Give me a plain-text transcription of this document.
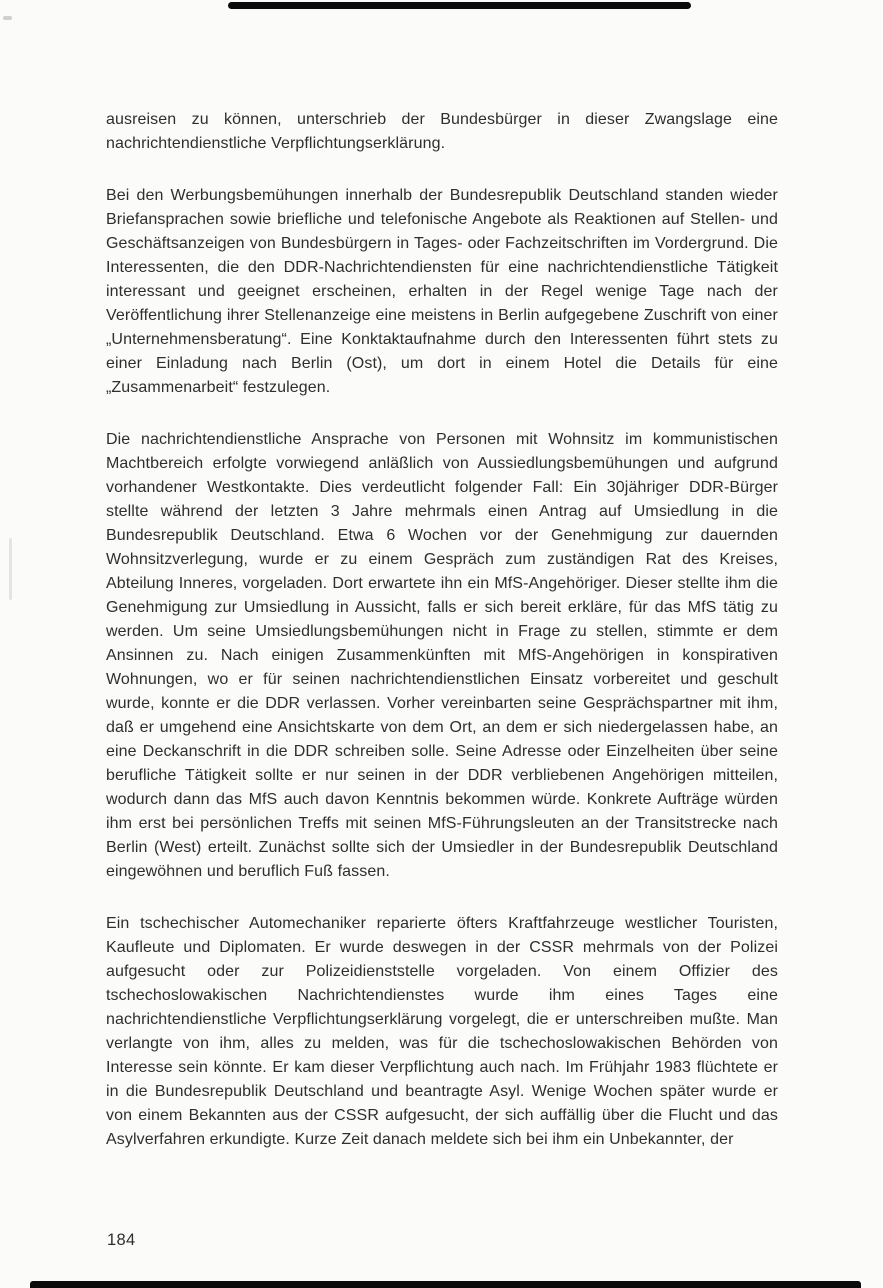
ausreisen zu können, unterschrieb der Bundesbürger in dieser Zwangslage eine nachrichtendienstliche Verpflichtungserklärung.

Bei den Werbungsbemühungen innerhalb der Bundesrepublik Deutschland standen wieder Briefansprachen sowie briefliche und telefonische Angebote als Reaktionen auf Stellen- und Geschäftsanzeigen von Bundesbürgern in Tages- oder Fachzeitschriften im Vordergrund. Die Interessenten, die den DDR-Nachrichtendiensten für eine nachrichtendienstliche Tätigkeit interessant und geeignet erscheinen, erhalten in der Regel wenige Tage nach der Veröffentlichung ihrer Stellenanzeige eine meistens in Berlin aufgegebene Zuschrift von einer „Unternehmensberatung“. Eine Konktaktaufnahme durch den Interessenten führt stets zu einer Einladung nach Berlin (Ost), um dort in einem Hotel die Details für eine „Zusammenarbeit“ festzulegen.

Die nachrichtendienstliche Ansprache von Personen mit Wohnsitz im kommunistischen Machtbereich erfolgte vorwiegend anläßlich von Aussiedlungsbemühungen und aufgrund vorhandener Westkontakte. Dies verdeutlicht folgender Fall: Ein 30jähriger DDR-Bürger stellte während der letzten 3 Jahre mehrmals einen Antrag auf Umsiedlung in die Bundesrepublik Deutschland. Etwa 6 Wochen vor der Genehmigung zur dauernden Wohnsitzverlegung, wurde er zu einem Gespräch zum zuständigen Rat des Kreises, Abteilung Inneres, vorgeladen. Dort erwartete ihn ein MfS-Angehöriger. Dieser stellte ihm die Genehmigung zur Umsiedlung in Aussicht, falls er sich bereit erkläre, für das MfS tätig zu werden. Um seine Umsiedlungsbemühungen nicht in Frage zu stellen, stimmte er dem Ansinnen zu. Nach einigen Zusammenkünften mit MfS-Angehörigen in konspirativen Wohnungen, wo er für seinen nachrichtendienstlichen Einsatz vorbereitet und geschult wurde, konnte er die DDR verlassen. Vorher vereinbarten seine Gesprächspartner mit ihm, daß er umgehend eine Ansichtskarte von dem Ort, an dem er sich niedergelassen habe, an eine Deckanschrift in die DDR schreiben solle. Seine Adresse oder Einzelheiten über seine berufliche Tätigkeit sollte er nur seinen in der DDR verbliebenen Angehörigen mitteilen, wodurch dann das MfS auch davon Kenntnis bekommen würde. Konkrete Aufträge würden ihm erst bei persönlichen Treffs mit seinen MfS-Führungsleuten an der Transitstrecke nach Berlin (West) erteilt. Zunächst sollte sich der Umsiedler in der Bundesrepublik Deutschland eingewöhnen und beruflich Fuß fassen.

Ein tschechischer Automechaniker reparierte öfters Kraftfahrzeuge westlicher Touristen, Kaufleute und Diplomaten. Er wurde deswegen in der CSSR mehrmals von der Polizei aufgesucht oder zur Polizeidienststelle vorgeladen. Von einem Offizier des tschechoslowakischen Nachrichtendienstes wurde ihm eines Tages eine nachrichtendienstliche Verpflichtungserklärung vorgelegt, die er unterschreiben mußte. Man verlangte von ihm, alles zu melden, was für die tschechoslowakischen Behörden von Interesse sein könnte. Er kam dieser Verpflichtung auch nach. Im Frühjahr 1983 flüchtete er in die Bundesrepublik Deutschland und beantragte Asyl. Wenige Wochen später wurde er von einem Bekannten aus der CSSR aufgesucht, der sich auffällig über die Flucht und das Asylverfahren erkundigte. Kurze Zeit danach meldete sich bei ihm ein Unbekannter, der

184
